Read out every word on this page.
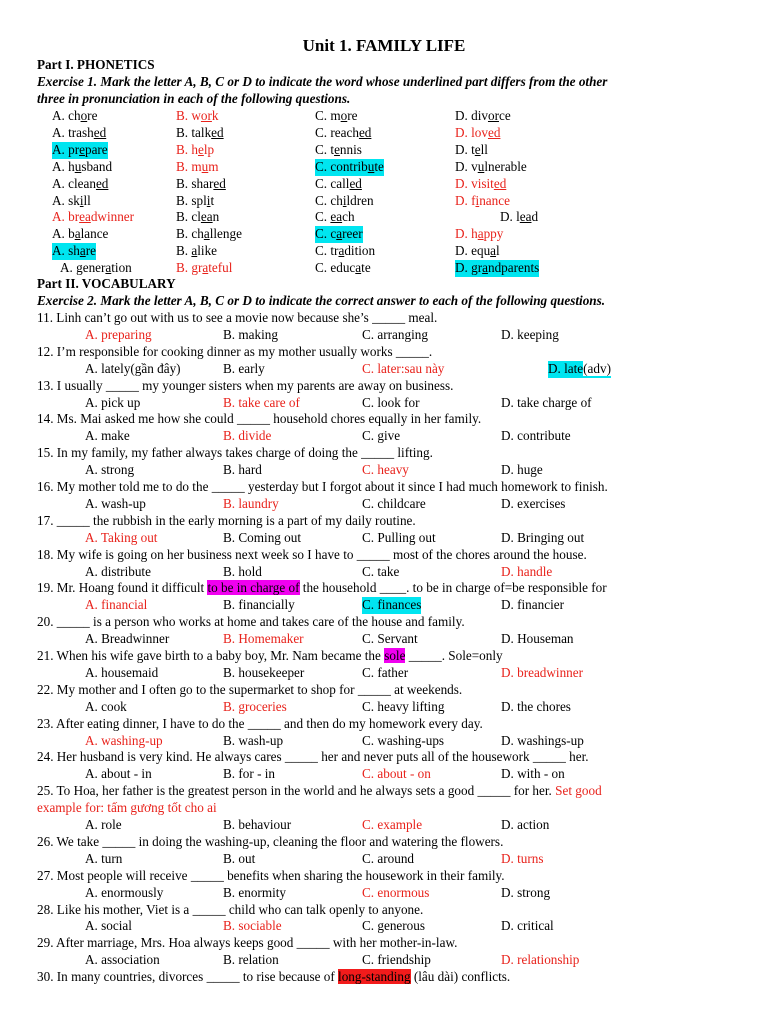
Unit 1. FAMILY LIFE
Part I. PHONETICS
Exercise 1. Mark the letter A, B, C or D to indicate the word whose underlined part differs from the other
three in pronunciation in each of the following questions.
A. chore	B. work	C. more	D. divorce
A. trashed	B. talked	C. reached	D. loved
A. prepare	B. help	C. tennis	D. tell
A. husband	B. mum	C. contribute	D. vulnerable
A. cleaned	B. shared	C. called	D. visited
A. skill	B. split	C. children	D. finance
A. breadwinner	B. clean	C. each	D. lead
A. balance	B. challenge	C. career	D. happy
A. share	B. alike	C. tradition	D. equal
A. generation	B. grateful	C. educate	D. grandparents
Part II. VOCABULARY
Exercise 2. Mark the letter A, B, C or D to indicate the correct answer to each of the following questions.
11. Linh can’t go out with us to see a movie now because she’s _____ meal.
A. preparing	B. making	C. arranging	D. keeping
12. I’m responsible for cooking dinner as my mother usually works _____.
A. lately(gần đây)	B. early	C. later:sau này	D. late(adv)
13. I usually _____ my younger sisters when my parents are away on business.
A. pick up	B. take care of	C. look for	D. take charge of
14. Ms. Mai asked me how she could _____ household chores equally in her family.
A. make	B. divide	C. give	D. contribute
15. In my family, my father always takes charge of doing the _____ lifting.
A. strong	B. hard	C. heavy	D. huge
16. My mother told me to do the _____ yesterday but I forgot about it since I had much homework to finish.
A. wash-up	B. laundry	C. childcare	D. exercises
17. _____ the rubbish in the early morning is a part of my daily routine.
A. Taking out	B. Coming out	C. Pulling out	D. Bringing out
18. My wife is going on her business next week so I have to _____ most of the chores around the house.
A. distribute	B. hold	C. take	D. handle
19. Mr. Hoang found it difficult to be in charge of the household ____. to be in charge of=be responsible for
A. financial	B. financially	C. finances	D. financier
20. _____ is a person who works at home and takes care of the house and family.
A. Breadwinner	B. Homemaker	C. Servant	D. Houseman
21. When his wife gave birth to a baby boy, Mr. Nam became the sole _____. Sole=only
A. housemaid	B. housekeeper	C. father	D. breadwinner
22. My mother and I often go to the supermarket to shop for _____ at weekends.
A. cook	B. groceries	C. heavy lifting	D. the chores
23. After eating dinner, I have to do the _____ and then do my homework every day.
A. washing-up	B. wash-up	C. washing-ups	D. washings-up
24. Her husband is very kind. He always cares _____ her and never puts all of the housework _____ her.
A. about - in	B. for - in	C. about - on	D. with - on
25. To Hoa, her father is the greatest person in the world and he always sets a good _____ for her. Set good
example for: tấm gương tốt cho ai
A. role	B. behaviour	C. example	D. action
26. We take _____ in doing the washing-up, cleaning the floor and watering the flowers.
A. turn	B. out	C. around	D. turns
27. Most people will receive _____ benefits when sharing the housework in their family.
A. enormously	B. enormity	C. enormous	D. strong
28. Like his mother, Viet is a _____ child who can talk openly to anyone.
A. social	B. sociable	C. generous	D. critical
29. After marriage, Mrs. Hoa always keeps good _____ with her mother-in-law.
A. association	B. relation	C. friendship	D. relationship
30. In many countries, divorces _____ to rise because of long-standing (lâu dài) conflicts.
